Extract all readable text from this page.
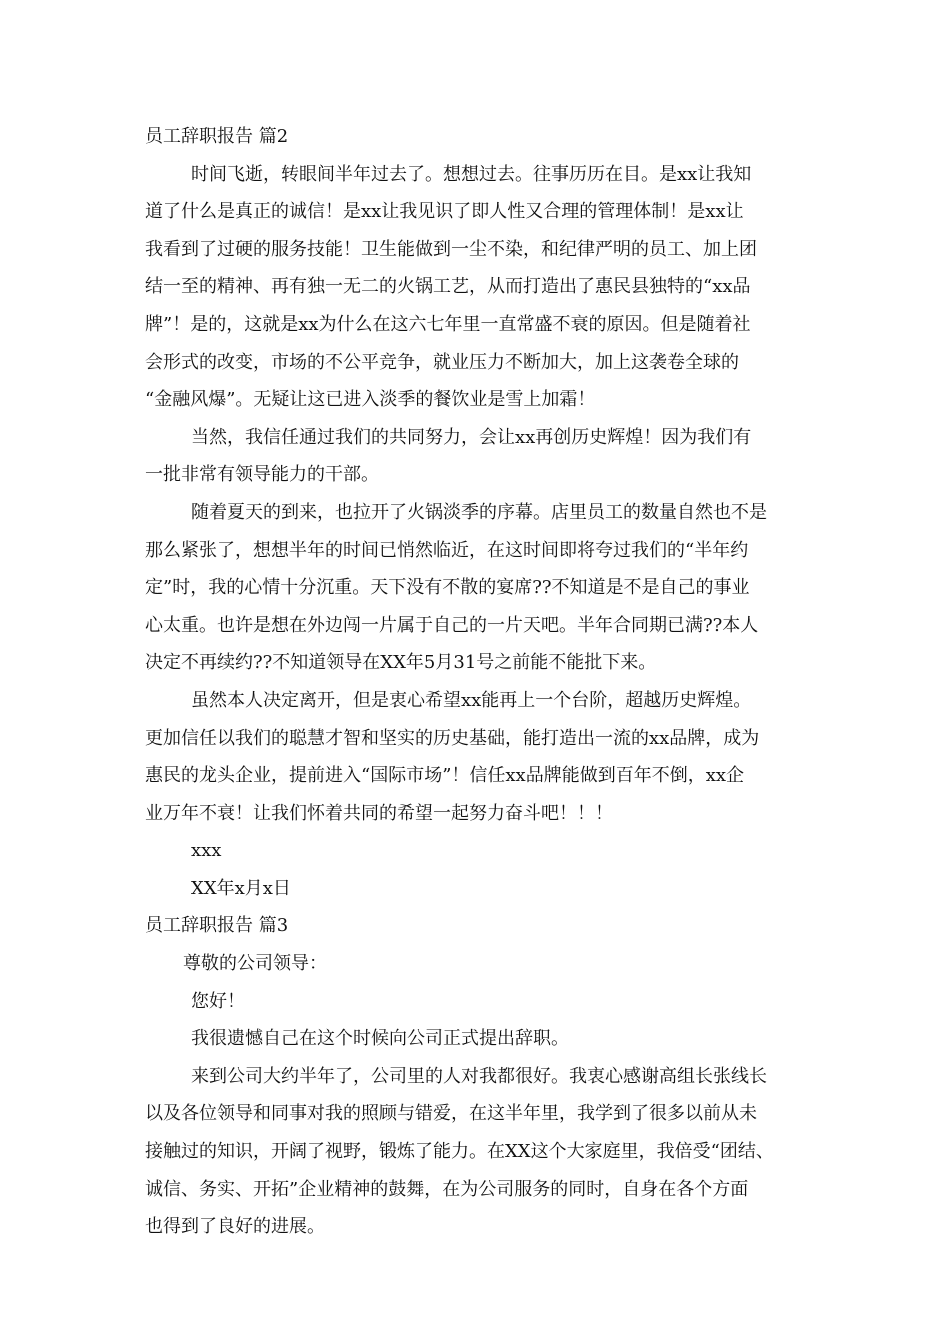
员工辞职报告 篇2
时间飞逝，转眼间半年过去了。想想过去。往事历历在目。是xx让我知
道了什么是真正的诚信！是xx让我见识了即人性又合理的管理体制！是xx让
我看到了过硬的服务技能！卫生能做到一尘不染，和纪律严明的员工、加上团
结一至的精神、再有独一无二的火锅工艺，从而打造出了惠民县独特的“xx品
牌”！是的，这就是xx为什么在这六七年里一直常盛不衰的原因。但是随着社
会形式的改变，市场的不公平竞争，就业压力不断加大，加上这袭卷全球的
“金融风爆”。无疑让这已进入淡季的餐饮业是雪上加霜！
当然，我信任通过我们的共同努力，会让xx再创历史辉煌！因为我们有
一批非常有领导能力的干部。
随着夏天的到来，也拉开了火锅淡季的序幕。店里员工的数量自然也不是
那么紧张了，想想半年的时间已悄然临近，在这时间即将夸过我们的“半年约
定”时，我的心情十分沉重。天下没有不散的宴席??不知道是不是自己的事业
心太重。也许是想在外边闯一片属于自己的一片天吧。半年合同期已满??本人
决定不再续约??不知道领导在XX年5月31号之前能不能批下来。
虽然本人决定离开，但是衷心希望xx能再上一个台阶，超越历史辉煌。
更加信任以我们的聪慧才智和坚实的历史基础，能打造出一流的xx品牌，成为
惠民的龙头企业，提前进入“国际市场”！信任xx品牌能做到百年不倒，xx企
业万年不衰！让我们怀着共同的希望一起努力奋斗吧！！！
xxx
XX年x月x日
员工辞职报告 篇3
尊敬的公司领导：
您好！
我很遗憾自己在这个时候向公司正式提出辞职。
来到公司大约半年了，公司里的人对我都很好。我衷心感谢高组长张线长
以及各位领导和同事对我的照顾与错爱，在这半年里，我学到了很多以前从未
接触过的知识，开阔了视野，锻炼了能力。在XX这个大家庭里，我倍受“团结、
诚信、务实、开拓”企业精神的鼓舞，在为公司服务的同时，自身在各个方面
也得到了良好的进展。
